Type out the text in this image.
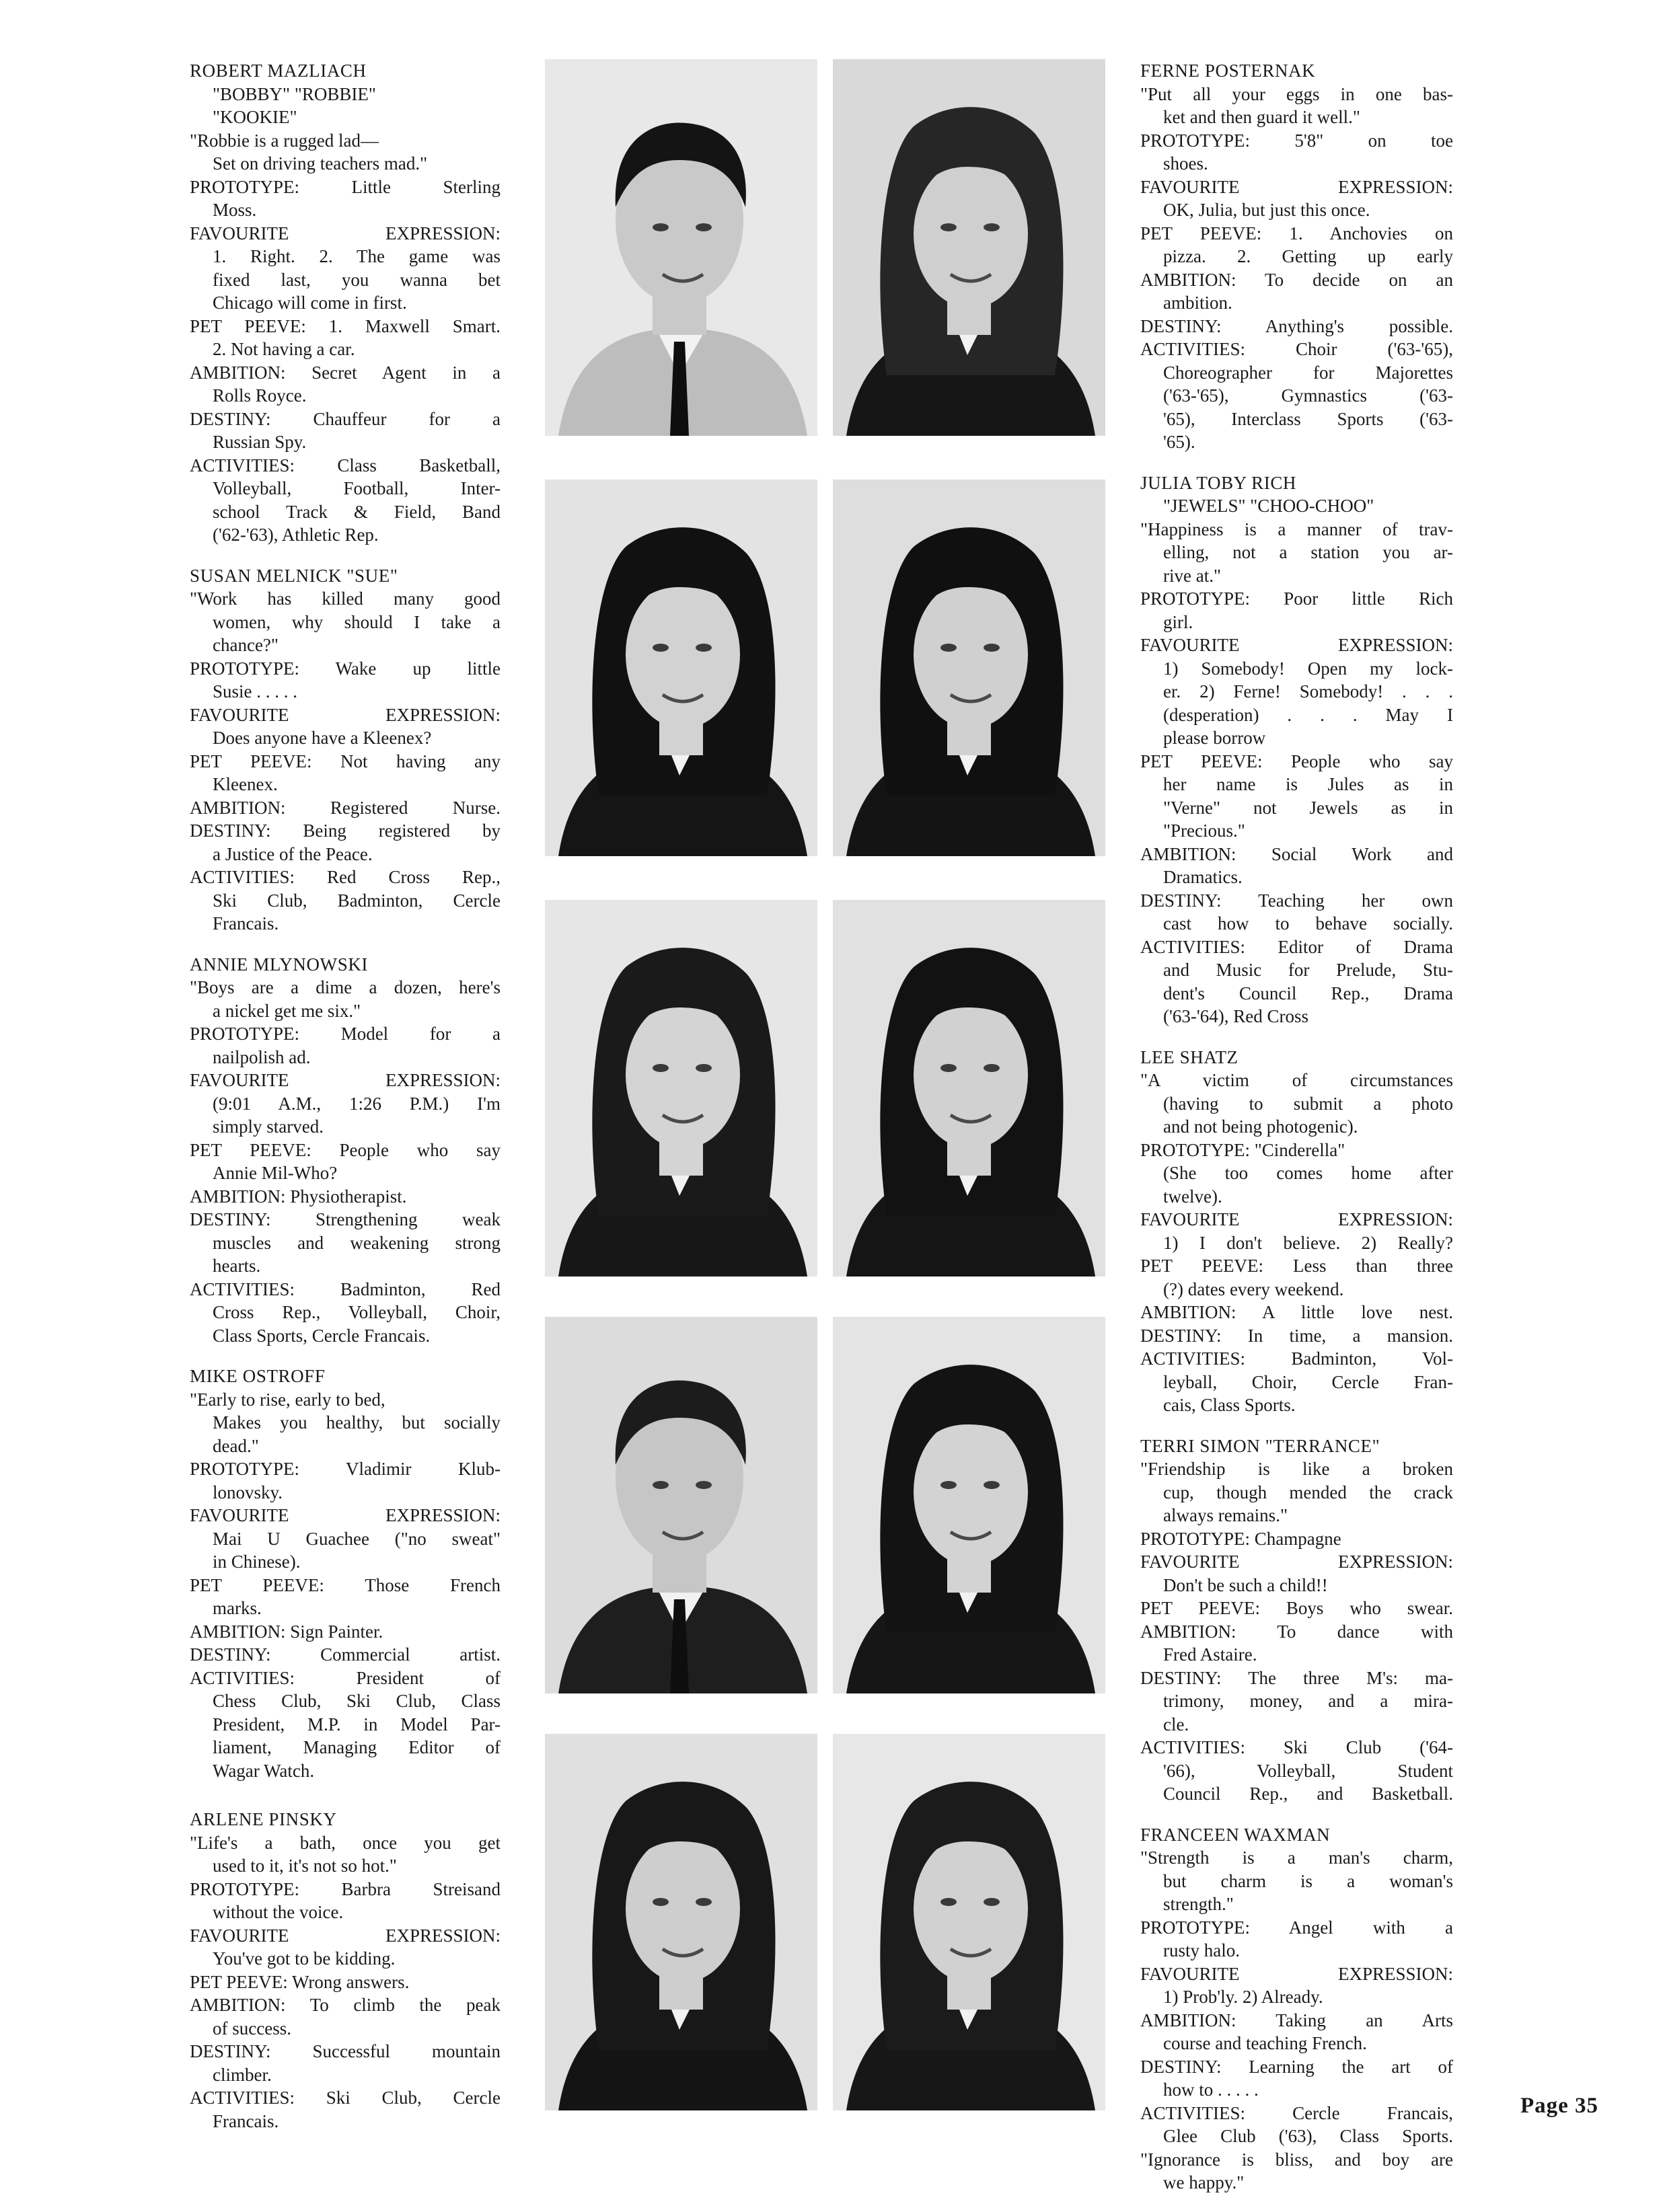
ROBERT MAZLIACH
"BOBBY" "ROBBIE"
"KOOKIE"
"Robbie is a rugged lad—
Set on driving teachers mad."
PROTOTYPE: Little Sterling
Moss.
FAVOURITE EXPRESSION:
1. Right. 2. The game was
fixed last, you wanna bet
Chicago will come in first.
PET PEEVE: 1. Maxwell Smart.
2. Not having a car.
AMBITION: Secret Agent in a
Rolls Royce.
DESTINY: Chauffeur for a
Russian Spy.
ACTIVITIES: Class Basketball,
Volleyball, Football, Inter-
school Track & Field, Band
('62-'63), Athletic Rep.
SUSAN MELNICK "SUE"
"Work has killed many good
women, why should I take a
chance?"
PROTOTYPE: Wake up little
Susie . . . . .
FAVOURITE EXPRESSION:
Does anyone have a Kleenex?
PET PEEVE: Not having any
Kleenex.
AMBITION: Registered Nurse.
DESTINY: Being registered by
a Justice of the Peace.
ACTIVITIES: Red Cross Rep.,
Ski Club, Badminton, Cercle
Francais.
ANNIE MLYNOWSKI
"Boys are a dime a dozen, here's
a nickel get me six."
PROTOTYPE: Model for a
nailpolish ad.
FAVOURITE EXPRESSION:
(9:01 A.M., 1:26 P.M.) I'm
simply starved.
PET PEEVE: People who say
Annie Mil-Who?
AMBITION: Physiotherapist.
DESTINY: Strengthening weak
muscles and weakening strong
hearts.
ACTIVITIES: Badminton, Red
Cross Rep., Volleyball, Choir,
Class Sports, Cercle Francais.
MIKE OSTROFF
"Early to rise, early to bed,
Makes you healthy, but socially
dead."
PROTOTYPE: Vladimir Klub-
lonovsky.
FAVOURITE EXPRESSION:
Mai U Guachee ("no sweat"
in Chinese).
PET PEEVE: Those French
marks.
AMBITION: Sign Painter.
DESTINY: Commercial artist.
ACTIVITIES: President of
Chess Club, Ski Club, Class
President, M.P. in Model Par-
liament, Managing Editor of
Wagar Watch.
ARLENE PINSKY
"Life's a bath, once you get
used to it, it's not so hot."
PROTOTYPE: Barbra Streisand
without the voice.
FAVOURITE EXPRESSION:
You've got to be kidding.
PET PEEVE: Wrong answers.
AMBITION: To climb the peak
of success.
DESTINY: Successful mountain
climber.
ACTIVITIES: Ski Club, Cercle
Francais.
FERNE POSTERNAK
"Put all your eggs in one bas-
ket and then guard it well."
PROTOTYPE: 5'8" on toe
shoes.
FAVOURITE EXPRESSION:
OK, Julia, but just this once.
PET PEEVE: 1. Anchovies on
pizza. 2. Getting up early
AMBITION: To decide on an
ambition.
DESTINY: Anything's possible.
ACTIVITIES: Choir ('63-'65),
Choreographer for Majorettes
('63-'65), Gymnastics ('63-
'65), Interclass Sports ('63-
'65).
JULIA TOBY RICH
"JEWELS" "CHOO-CHOO"
"Happiness is a manner of trav-
elling, not a station you ar-
rive at."
PROTOTYPE: Poor little Rich
girl.
FAVOURITE EXPRESSION:
1) Somebody! Open my lock-
er. 2) Ferne! Somebody! . . .
(desperation) . . . May I
please borrow
PET PEEVE: People who say
her name is Jules as in
"Verne" not Jewels as in
"Precious."
AMBITION: Social Work and
Dramatics.
DESTINY: Teaching her own
cast how to behave socially.
ACTIVITIES: Editor of Drama
and Music for Prelude, Stu-
dent's Council Rep., Drama
('63-'64), Red Cross
LEE SHATZ
"A victim of circumstances
(having to submit a photo
and not being photogenic).
PROTOTYPE: "Cinderella"
(She too comes home after
twelve).
FAVOURITE EXPRESSION:
1) I don't believe. 2) Really?
PET PEEVE: Less than three
(?) dates every weekend.
AMBITION: A little love nest.
DESTINY: In time, a mansion.
ACTIVITIES: Badminton, Vol-
leyball, Choir, Cercle Fran-
cais, Class Sports.
TERRI SIMON "TERRANCE"
"Friendship is like a broken
cup, though mended the crack
always remains."
PROTOTYPE: Champagne
FAVOURITE EXPRESSION:
Don't be such a child!!
PET PEEVE: Boys who swear.
AMBITION: To dance with
Fred Astaire.
DESTINY: The three M's: ma-
trimony, money, and a mira-
cle.
ACTIVITIES: Ski Club ('64-
'66), Volleyball, Student
Council Rep., and Basketball.
FRANCEEN WAXMAN
"Strength is a man's charm,
but charm is a woman's
strength."
PROTOTYPE: Angel with a
rusty halo.
FAVOURITE EXPRESSION:
1) Prob'ly. 2) Already.
AMBITION: Taking an Arts
course and teaching French.
DESTINY: Learning the art of
how to . . . . .
ACTIVITIES: Cercle Francais,
Glee Club ('63), Class Sports.
"Ignorance is bliss, and boy are
we happy."
Page 35
